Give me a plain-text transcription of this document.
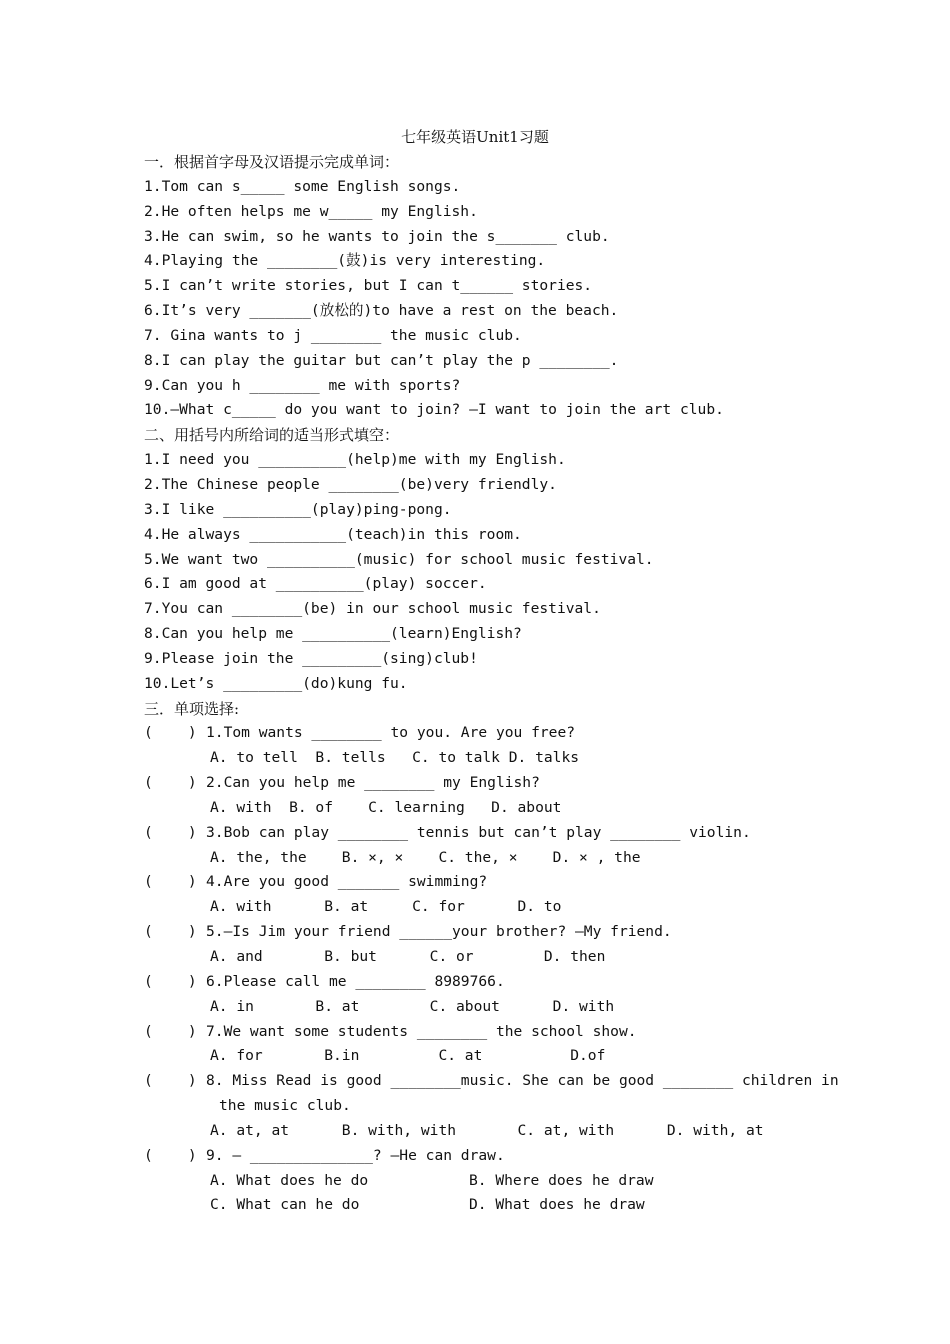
七年级英语Unit1习题
一．根据首字母及汉语提示完成单词：
1.Tom can s_____ some English songs.
2.He often helps me w_____ my English.
3.He can swim, so he wants to join the s_______ club.
4.Playing the ________(鼓)is very interesting.
5.I can’t write stories, but I can t______ stories.
6.It’s very _______(放松的)to have a rest on the beach.
7. Gina wants to j ________ the music club.
8.I can play the guitar but can’t play the p ________.
9.Can you h ________ me with sports?
10.—What c_____ do you want to join? —I want to join the art club.
二、用括号内所给词的适当形式填空：
1.I need you __________(help)me with my English.
2.The Chinese people ________(be)very friendly.
3.I like __________(play)ping-pong.
4.He always ___________(teach)in this room.
5.We want two __________(music) for school music festival.
6.I am good at __________(play) soccer.
7.You can ________(be) in our school music festival.
8.Can you help me __________(learn)English?
9.Please join the _________(sing)club!
10.Let’s _________(do)kung fu.
三．单项选择:
(    ) 1.Tom wants ________ to you. Are you free?
A. to tell  B. tells   C. to talk D. talks
(    ) 2.Can you help me ________ my English?
A. with  B. of    C. learning   D. about
(    ) 3.Bob can play ________ tennis but can’t play ________ violin.
A. the, the    B. ×, ×    C. the, ×    D. × , the
(    ) 4.Are you good _______ swimming?
A. with      B. at     C. for      D. to
(    ) 5.—Is Jim your friend ______your brother? —My friend.
A. and       B. but      C. or        D. then
(    ) 6.Please call me ________ 8989766.
A. in       B. at        C. about      D. with
(    ) 7.We want some students ________ the school show.
A. for       B.in         C. at          D.of
(    ) 8. Miss Read is good ________music. She can be good ________ children in
the music club.
A. at, at      B. with, with       C. at, with      D. with, at
(    ) 9. — ______________? —He can draw.
A. What does he do	B. Where does he draw
C. What can he do	D. What does he draw
